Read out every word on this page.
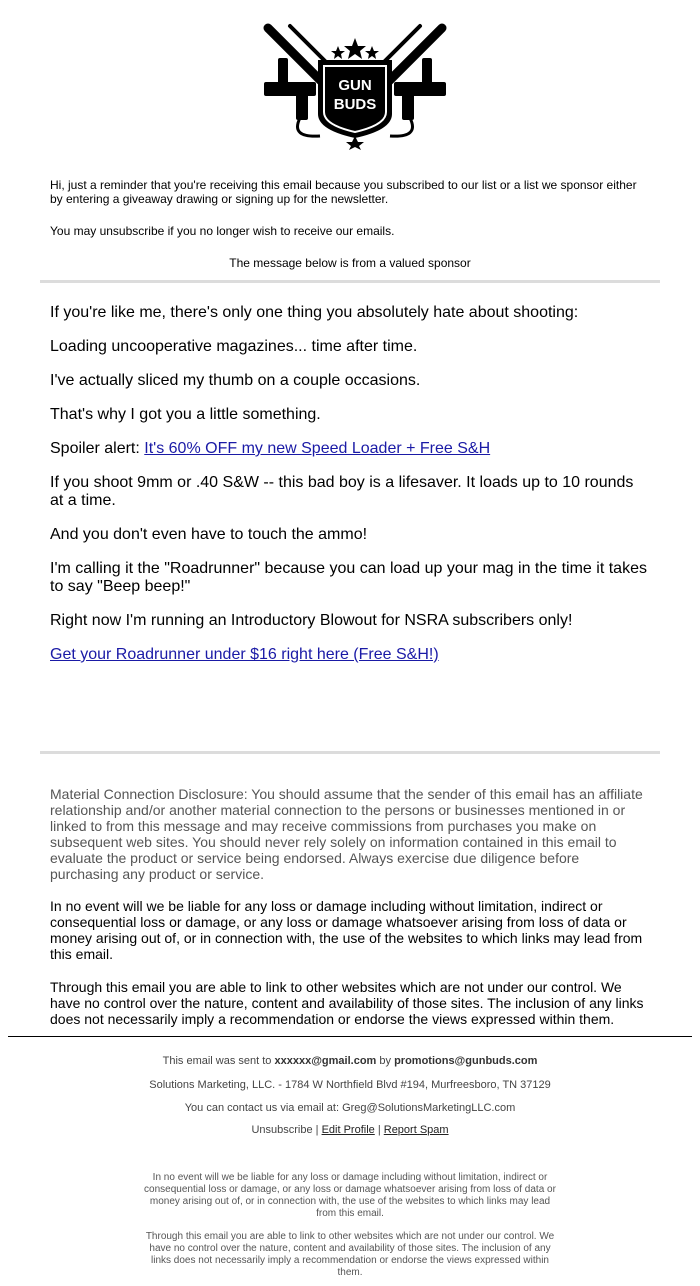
GUN
BUDS
Hi, just a reminder that you're receiving this email because you subscribed to our list or a list we sponsor either by entering a giveaway drawing or signing up for the newsletter.
You may unsubscribe if you no longer wish to receive our emails.
The message below is from a valued sponsor
If you're like me, there's only one thing you absolutely hate about shooting:
Loading uncooperative magazines... time after time.
I've actually sliced my thumb on a couple occasions.
That's why I got you a little something.
Spoiler alert: It's 60% OFF my new Speed Loader + Free S&H
If you shoot 9mm or .40 S&W -- this bad boy is a lifesaver. It loads up to 10 rounds at a time.
And you don't even have to touch the ammo!
I'm calling it the "Roadrunner" because you can load up your mag in the time it takes to say "Beep beep!"
Right now I'm running an Introductory Blowout for NSRA subscribers only!
Get your Roadrunner under $16 right here (Free S&H!)
Material Connection Disclosure: You should assume that the sender of this email has an affiliate relationship and/or another material connection to the persons or businesses mentioned in or linked to from this message and may receive commissions from purchases you make on subsequent web sites. You should never rely solely on information contained in this email to evaluate the product or service being endorsed. Always exercise due diligence before purchasing any product or service.
In no event will we be liable for any loss or damage including without limitation, indirect or consequential loss or damage, or any loss or damage whatsoever arising from loss of data or money arising out of, or in connection with, the use of the websites to which links may lead from this email.
Through this email you are able to link to other websites which are not under our control. We have no control over the nature, content and availability of those sites. The inclusion of any links does not necessarily imply a recommendation or endorse the views expressed within them.
This email was sent to xxxxxx@gmail.com by promotions@gunbuds.com
Solutions Marketing, LLC. - 1784 W Northfield Blvd #194, Murfreesboro, TN 37129
You can contact us via email at: Greg@SolutionsMarketingLLC.com
Unsubscribe | Edit Profile | Report Spam
In no event will we be liable for any loss or damage including without limitation, indirect or consequential loss or damage, or any loss or damage whatsoever arising from loss of data or money arising out of, or in connection with, the use of the websites to which links may lead from this email.
Through this email you are able to link to other websites which are not under our control. We have no control over the nature, content and availability of those sites. The inclusion of any links does not necessarily imply a recommendation or endorse the views expressed within them.
